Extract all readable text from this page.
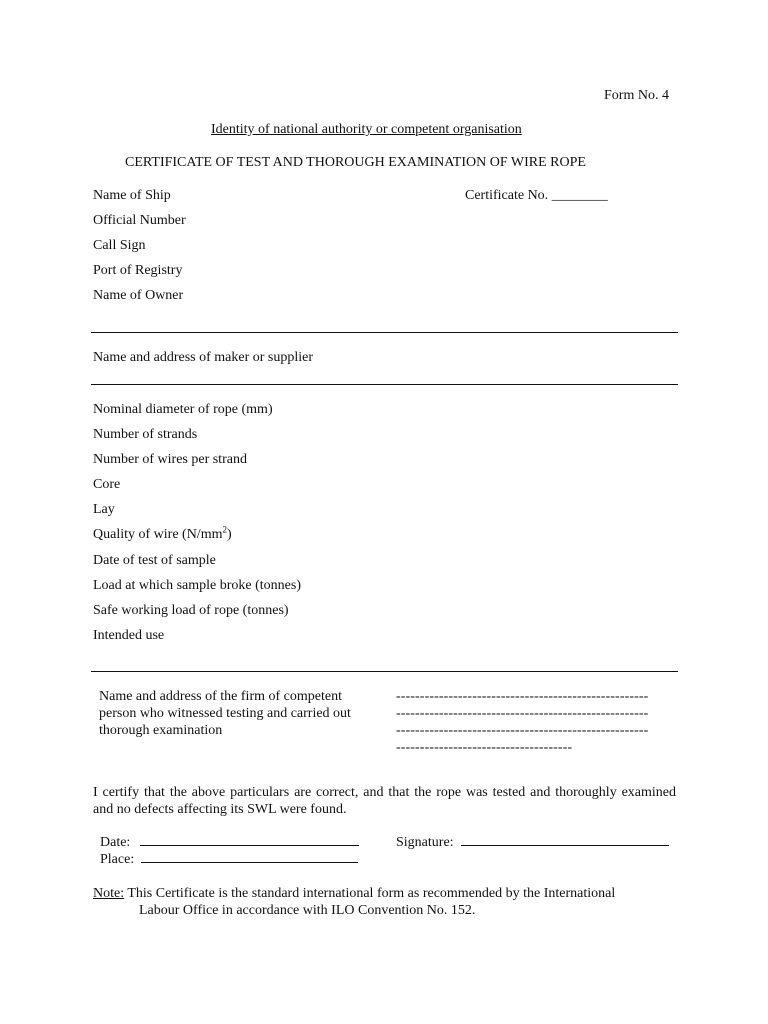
Form No. 4
Identity of national authority or competent organisation
CERTIFICATE OF TEST AND THOROUGH EXAMINATION OF WIRE ROPE
Name of Ship	Certificate No. ________
Official Number
Call Sign
Port of Registry
Name of Owner
Name and address of maker or supplier
Nominal diameter of rope (mm)
Number of strands
Number of wires per strand
Core
Lay
Quality of wire $(N/mm^2)$
Date of test of sample
Load at which sample broke (tonnes)
Safe working load of rope (tonnes)
Intended use
Name and address of the firm of competent
person who witnessed testing and carried out
thorough examination
-----------------------------------------------------
-----------------------------------------------------
-----------------------------------------------------
-------------------------------------
I certify that the above particulars are correct, and that the rope was tested and thoroughly examined and no defects affecting its SWL were found.
Date:	Signature:
Place:
Note: This Certificate is the standard international form as recommended by the International
Labour Office in accordance with ILO Convention No. 152.
